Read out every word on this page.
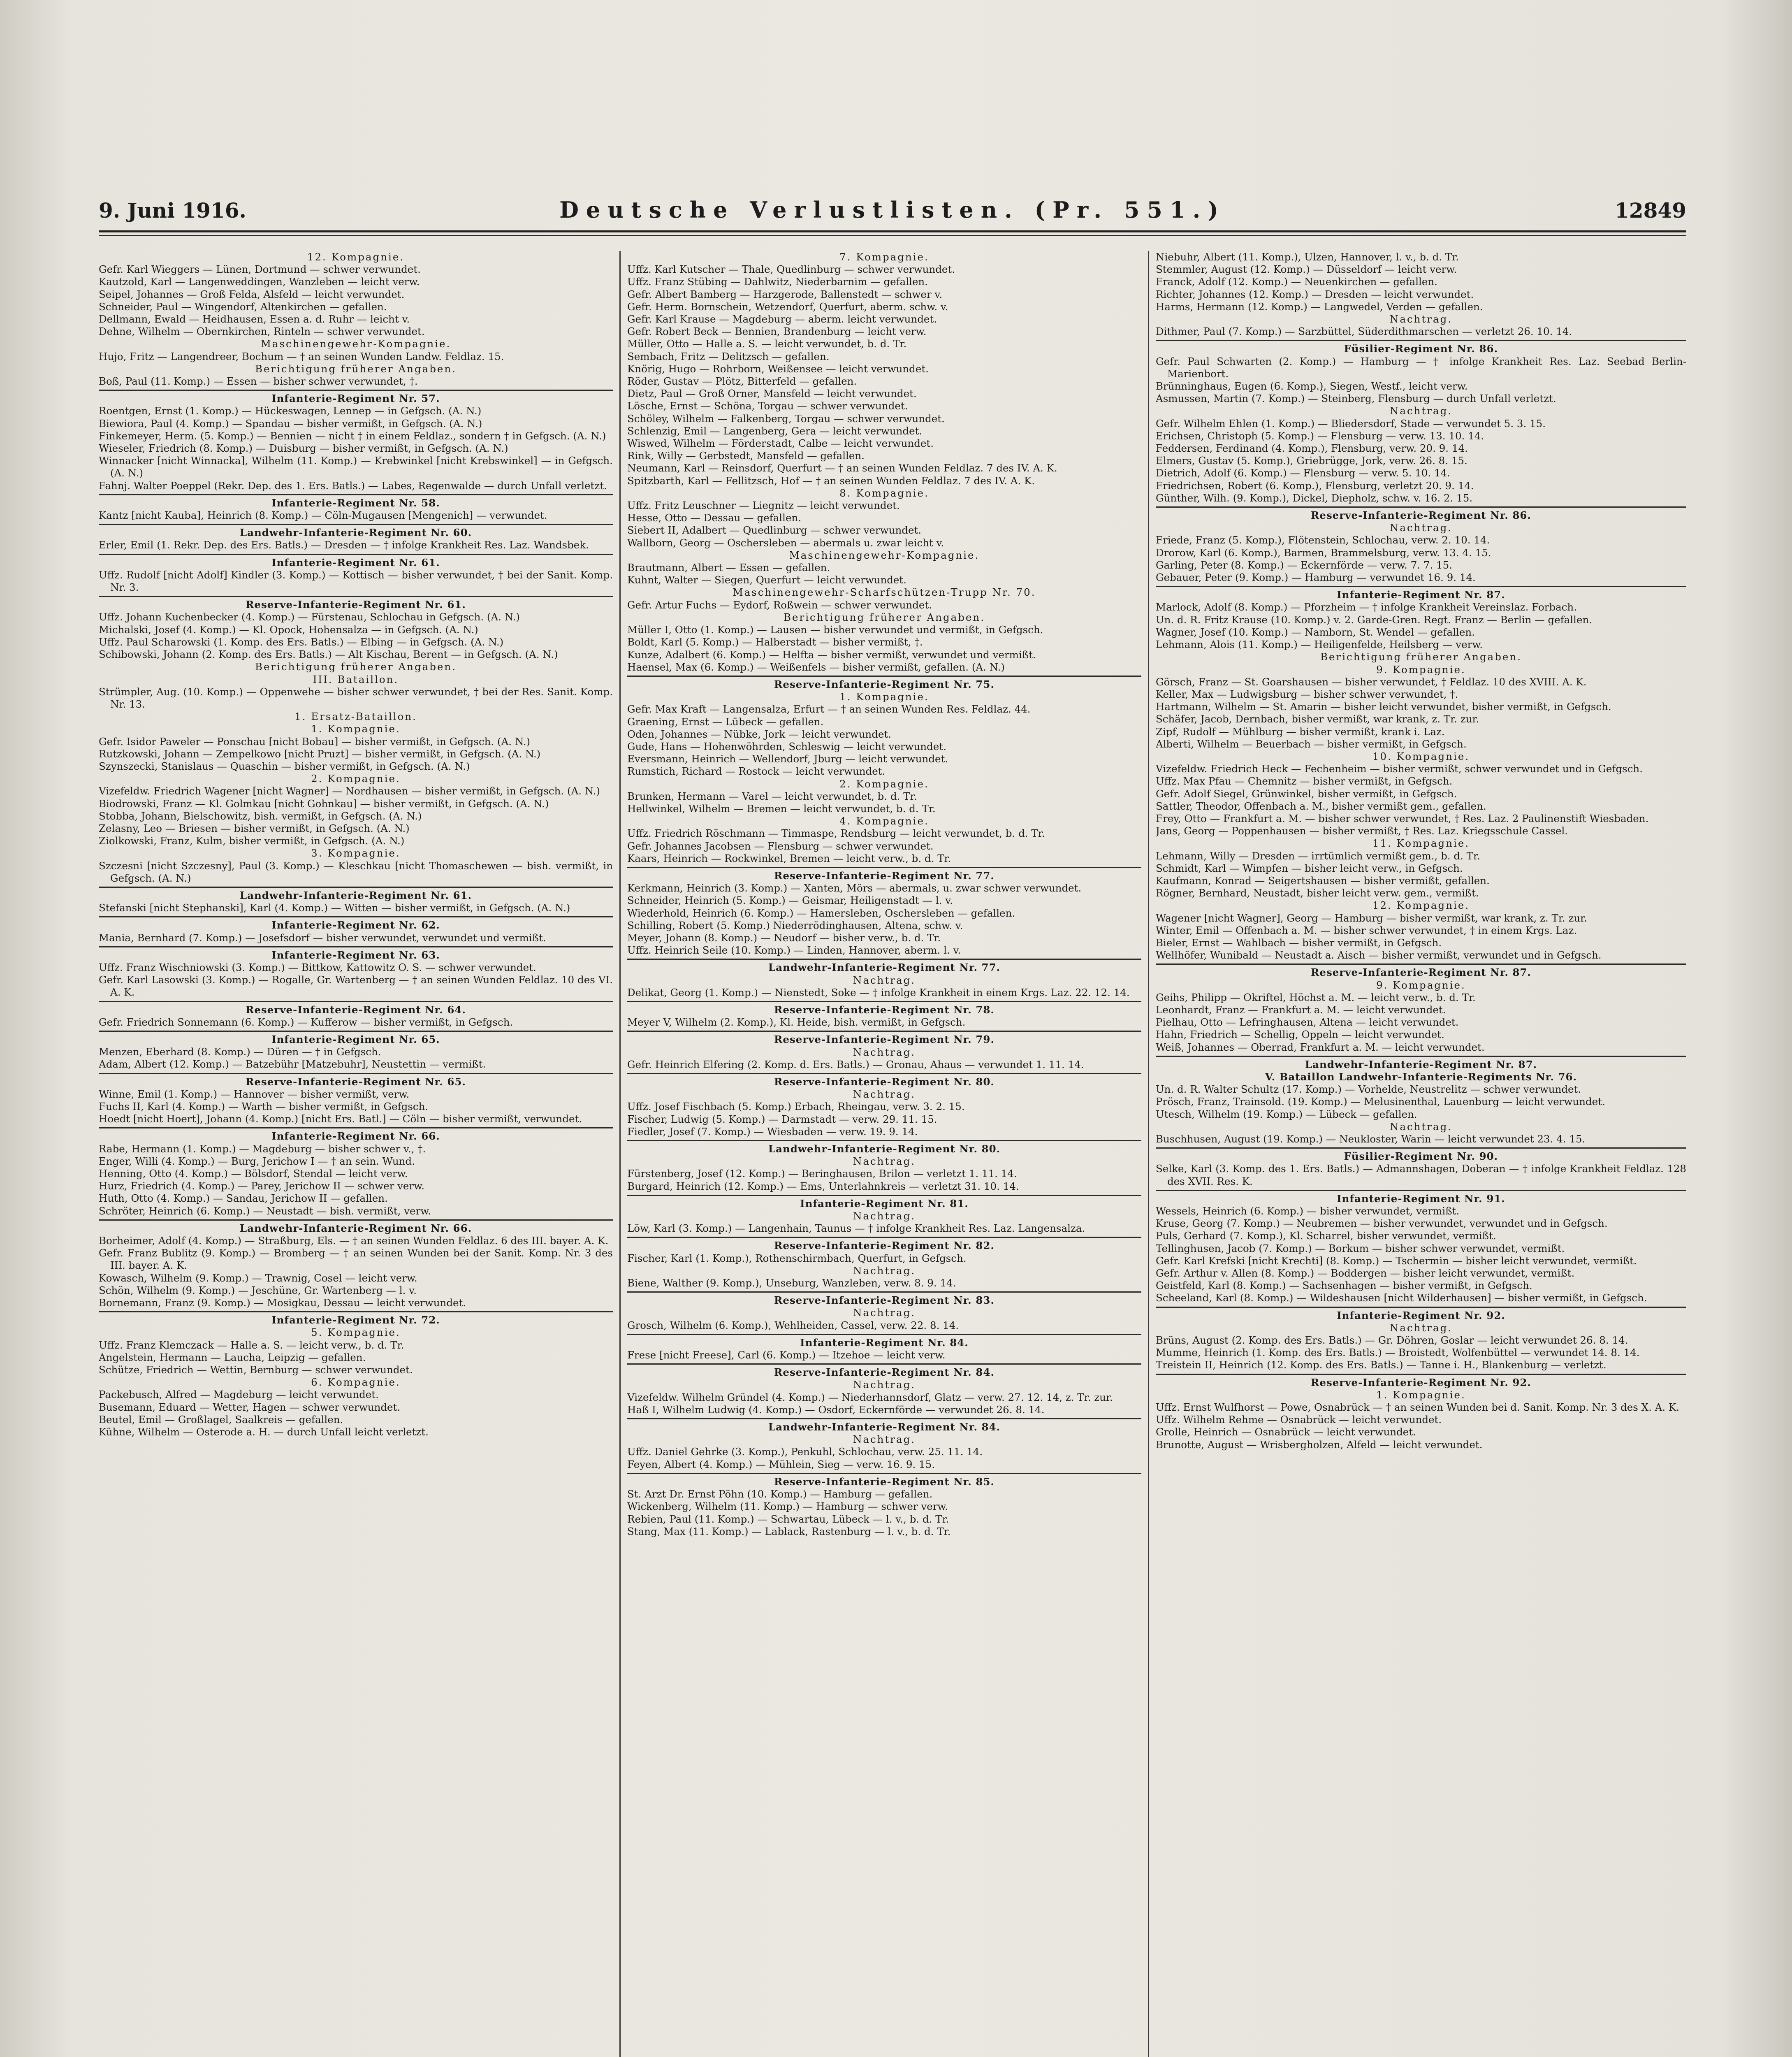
9. Juni 1916.	Deutsche Verlustlisten. (Pr. 551.)	12849
12. Kompagnie.
Gefr. Karl Wieggers — Lünen, Dortmund — schwer verwundet.
Kautzold, Karl — Langenweddingen, Wanzleben — leicht verw.
Seipel, Johannes — Groß Felda, Alsfeld — leicht verwundet.
Schneider, Paul — Wingendorf, Altenkirchen — gefallen.
Dellmann, Ewald — Heidhausen, Essen a. d. Ruhr — leicht v.
Dehne, Wilhelm — Obernkirchen, Rinteln — schwer verwundet.
Maschinengewehr-Kompagnie.
Hujo, Fritz — Langendreer, Bochum — † an seinen Wunden Landw. Feldlaz. 15.
Berichtigung früherer Angaben.
Boß, Paul (11. Komp.) — Essen — bisher schwer verwundet, †.
Infanterie-Regiment Nr. 57.
Roentgen, Ernst (1. Komp.) — Hückeswagen, Lennep — in Gefgsch. (A. N.)
Biewiora, Paul (4. Komp.) — Spandau — bisher vermißt, in Gefgsch. (A. N.)
Finkemeyer, Herm. (5. Komp.) — Bennien — nicht † in einem Feldlaz., sondern † in Gefgsch. (A. N.)
Wieseler, Friedrich (8. Komp.) — Duisburg — bisher vermißt, in Gefgsch. (A. N.)
Winnacker [nicht Winnacka], Wilhelm (11. Komp.) — Krebwinkel [nicht Krebswinkel] — in Gefgsch. (A. N.)
Fahnj. Walter Poeppel (Rekr. Dep. des 1. Ers. Batls.) — Labes, Regenwalde — durch Unfall verletzt.
Infanterie-Regiment Nr. 58.
Kantz [nicht Kauba], Heinrich (8. Komp.) — Cöln-Mugausen [Mengenich] — verwundet.
Landwehr-Infanterie-Regiment Nr. 60.
Erler, Emil (1. Rekr. Dep. des Ers. Batls.) — Dresden — † infolge Krankheit Res. Laz. Wandsbek.
Infanterie-Regiment Nr. 61.
Uffz. Rudolf [nicht Adolf] Kindler (3. Komp.) — Kottisch — bisher verwundet, † bei der Sanit. Komp. Nr. 3.
Reserve-Infanterie-Regiment Nr. 61.
Uffz. Johann Kuchenbecker (4. Komp.) — Fürstenau, Schlochau in Gefgsch. (A. N.)
Michalski, Josef (4. Komp.) — Kl. Opock, Hohensalza — in Gefgsch. (A. N.)
Uffz. Paul Scharowski (1. Komp. des Ers. Batls.) — Elbing — in Gefgsch. (A. N.)
Schibowski, Johann (2. Komp. des Ers. Batls.) — Alt Kischau, Berent — in Gefgsch. (A. N.)
Berichtigung früherer Angaben.
III. Bataillon.
Strümpler, Aug. (10. Komp.) — Oppenwehe — bisher schwer verwundet, † bei der Res. Sanit. Komp. Nr. 13.
1. Ersatz-Bataillon.
1. Kompagnie.
Gefr. Isidor Paweler — Ponschau [nicht Bobau] — bisher vermißt, in Gefgsch. (A. N.)
Rutzkowski, Johann — Zempelkowo [nicht Pruzt] — bisher vermißt, in Gefgsch. (A. N.)
Szynszecki, Stanislaus — Quaschin — bisher vermißt, in Gefgsch. (A. N.)
2. Kompagnie.
Vizefeldw. Friedrich Wagener [nicht Wagner] — Nordhausen — bisher vermißt, in Gefgsch. (A. N.)
Biodrowski, Franz — Kl. Golmkau [nicht Gohnkau] — bisher vermißt, in Gefgsch. (A. N.)
Stobba, Johann, Bielschowitz, bish. vermißt, in Gefgsch. (A. N.)
Zelasny, Leo — Briesen — bisher vermißt, in Gefgsch. (A. N.)
Ziolkowski, Franz, Kulm, bisher vermißt, in Gefgsch. (A. N.)
3. Kompagnie.
Szczesni [nicht Szczesny], Paul (3. Komp.) — Kleschkau [nicht Thomaschewen — bish. vermißt, in Gefgsch. (A. N.)
Landwehr-Infanterie-Regiment Nr. 61.
Stefanski [nicht Stephanski], Karl (4. Komp.) — Witten — bisher vermißt, in Gefgsch. (A. N.)
Infanterie-Regiment Nr. 62.
Mania, Bernhard (7. Komp.) — Josefsdorf — bisher verwundet, verwundet und vermißt.
Infanterie-Regiment Nr. 63.
Uffz. Franz Wischniowski (3. Komp.) — Bittkow, Kattowitz O. S. — schwer verwundet.
Gefr. Karl Lasowski (3. Komp.) — Rogalle, Gr. Wartenberg — † an seinen Wunden Feldlaz. 10 des VI. A. K.
Reserve-Infanterie-Regiment Nr. 64.
Gefr. Friedrich Sonnemann (6. Komp.) — Kufferow — bisher vermißt, in Gefgsch.
Infanterie-Regiment Nr. 65.
Menzen, Eberhard (8. Komp.) — Düren — † in Gefgsch.
Adam, Albert (12. Komp.) — Batzebühr [Matzebuhr], Neustettin — vermißt.
Reserve-Infanterie-Regiment Nr. 65.
Winne, Emil (1. Komp.) — Hannover — bisher vermißt, verw.
Fuchs II, Karl (4. Komp.) — Warth — bisher vermißt, in Gefgsch.
Hoedt [nicht Hoert], Johann (4. Komp.) [nicht Ers. Batl.] — Cöln — bisher vermißt, verwundet.
Infanterie-Regiment Nr. 66.
Rabe, Hermann (1. Komp.) — Magdeburg — bisher schwer v., †.
Enger, Willi (4. Komp.) — Burg, Jerichow I — † an sein. Wund.
Henning, Otto (4. Komp.) — Bölsdorf, Stendal — leicht verw.
Hurz, Friedrich (4. Komp.) — Parey, Jerichow II — schwer verw.
Huth, Otto (4. Komp.) — Sandau, Jerichow II — gefallen.
Schröter, Heinrich (6. Komp.) — Neustadt — bish. vermißt, verw.
Landwehr-Infanterie-Regiment Nr. 66.
Borheimer, Adolf (4. Komp.) — Straßburg, Els. — † an seinen Wunden Feldlaz. 6 des III. bayer. A. K.
Gefr. Franz Bublitz (9. Komp.) — Bromberg — † an seinen Wunden bei der Sanit. Komp. Nr. 3 des III. bayer. A. K.
Kowasch, Wilhelm (9. Komp.) — Trawnig, Cosel — leicht verw.
Schön, Wilhelm (9. Komp.) — Jeschüne, Gr. Wartenberg — l. v.
Bornemann, Franz (9. Komp.) — Mosigkau, Dessau — leicht verwundet.
Infanterie-Regiment Nr. 72.
5. Kompagnie.
Uffz. Franz Klemczack — Halle a. S. — leicht verw., b. d. Tr.
Angelstein, Hermann — Laucha, Leipzig — gefallen.
Schütze, Friedrich — Wettin, Bernburg — schwer verwundet.
6. Kompagnie.
Packebusch, Alfred — Magdeburg — leicht verwundet.
Busemann, Eduard — Wetter, Hagen — schwer verwundet.
Beutel, Emil — Großlagel, Saalkreis — gefallen.
Kühne, Wilhelm — Osterode a. H. — durch Unfall leicht verletzt.
7. Kompagnie.
Uffz. Karl Kutscher — Thale, Quedlinburg — schwer verwundet.
Uffz. Franz Stübing — Dahlwitz, Niederbarnim — gefallen.
Gefr. Albert Bamberg — Harzgerode, Ballenstedt — schwer v.
Gefr. Herm. Bornschein, Wetzendorf, Querfurt, aberm. schw. v.
Gefr. Karl Krause — Magdeburg — aberm. leicht verwundet.
Gefr. Robert Beck — Bennien, Brandenburg — leicht verw.
Müller, Otto — Halle a. S. — leicht verwundet, b. d. Tr.
Sembach, Fritz — Delitzsch — gefallen.
Knörig, Hugo — Rohrborn, Weißensee — leicht verwundet.
Röder, Gustav — Plötz, Bitterfeld — gefallen.
Dietz, Paul — Groß Orner, Mansfeld — leicht verwundet.
Lösche, Ernst — Schöna, Torgau — schwer verwundet.
Schöley, Wilhelm — Falkenberg, Torgau — schwer verwundet.
Schlenzig, Emil — Langenberg, Gera — leicht verwundet.
Wiswed, Wilhelm — Förderstadt, Calbe — leicht verwundet.
Rink, Willy — Gerbstedt, Mansfeld — gefallen.
Neumann, Karl — Reinsdorf, Querfurt — † an seinen Wunden Feldlaz. 7 des IV. A. K.
Spitzbarth, Karl — Fellitzsch, Hof — † an seinen Wunden Feldlaz. 7 des IV. A. K.
8. Kompagnie.
Uffz. Fritz Leuschner — Liegnitz — leicht verwundet.
Hesse, Otto — Dessau — gefallen.
Siebert II, Adalbert — Quedlinburg — schwer verwundet.
Wallborn, Georg — Oschersleben — abermals u. zwar leicht v.
Maschinengewehr-Kompagnie.
Brautmann, Albert — Essen — gefallen.
Kuhnt, Walter — Siegen, Querfurt — leicht verwundet.
Maschinengewehr-Scharfschützen-Trupp Nr. 70.
Gefr. Artur Fuchs — Eydorf, Roßwein — schwer verwundet.
Berichtigung früherer Angaben.
Müller I, Otto (1. Komp.) — Lausen — bisher verwundet und vermißt, in Gefgsch.
Boldt, Karl (5. Komp.) — Halberstadt — bisher vermißt, †.
Kunze, Adalbert (6. Komp.) — Helfta — bisher vermißt, verwundet und vermißt.
Haensel, Max (6. Komp.) — Weißenfels — bisher vermißt, gefallen. (A. N.)
Reserve-Infanterie-Regiment Nr. 75.
1. Kompagnie.
Gefr. Max Kraft — Langensalza, Erfurt — † an seinen Wunden Res. Feldlaz. 44.
Graening, Ernst — Lübeck — gefallen.
Oden, Johannes — Nübke, Jork — leicht verwundet.
Gude, Hans — Hohenwöhrden, Schleswig — leicht verwundet.
Eversmann, Heinrich — Wellendorf, Jburg — leicht verwundet.
Rumstich, Richard — Rostock — leicht verwundet.
2. Kompagnie.
Brunken, Hermann — Varel — leicht verwundet, b. d. Tr.
Hellwinkel, Wilhelm — Bremen — leicht verwundet, b. d. Tr.
4. Kompagnie.
Uffz. Friedrich Röschmann — Timmaspe, Rendsburg — leicht verwundet, b. d. Tr.
Gefr. Johannes Jacobsen — Flensburg — schwer verwundet.
Kaars, Heinrich — Rockwinkel, Bremen — leicht verw., b. d. Tr.
Reserve-Infanterie-Regiment Nr. 77.
Kerkmann, Heinrich (3. Komp.) — Xanten, Mörs — abermals, u. zwar schwer verwundet.
Schneider, Heinrich (5. Komp.) — Geismar, Heiligenstadt — l. v.
Wiederhold, Heinrich (6. Komp.) — Hamersleben, Oschersleben — gefallen.
Schilling, Robert (5. Komp.) Niederrödinghausen, Altena, schw. v.
Meyer, Johann (8. Komp.) — Neudorf — bisher verw., b. d. Tr.
Uffz. Heinrich Seile (10. Komp.) — Linden, Hannover, aberm. l. v.
Landwehr-Infanterie-Regiment Nr. 77.
Nachtrag.
Delikat, Georg (1. Komp.) — Nienstedt, Soke — † infolge Krankheit in einem Krgs. Laz. 22. 12. 14.
Reserve-Infanterie-Regiment Nr. 78.
Meyer V, Wilhelm (2. Komp.), Kl. Heide, bish. vermißt, in Gefgsch.
Reserve-Infanterie-Regiment Nr. 79.
Nachtrag.
Gefr. Heinrich Elfering (2. Komp. d. Ers. Batls.) — Gronau, Ahaus — verwundet 1. 11. 14.
Reserve-Infanterie-Regiment Nr. 80.
Nachtrag.
Uffz. Josef Fischbach (5. Komp.) Erbach, Rheingau, verw. 3. 2. 15.
Fischer, Ludwig (5. Komp.) — Darmstadt — verw. 29. 11. 15.
Fiedler, Josef (7. Komp.) — Wiesbaden — verw. 19. 9. 14.
Landwehr-Infanterie-Regiment Nr. 80.
Nachtrag.
Fürstenberg, Josef (12. Komp.) — Beringhausen, Brilon — verletzt 1. 11. 14.
Burgard, Heinrich (12. Komp.) — Ems, Unterlahnkreis — verletzt 31. 10. 14.
Infanterie-Regiment Nr. 81.
Nachtrag.
Löw, Karl (3. Komp.) — Langenhain, Taunus — † infolge Krankheit Res. Laz. Langensalza.
Reserve-Infanterie-Regiment Nr. 82.
Fischer, Karl (1. Komp.), Rothenschirmbach, Querfurt, in Gefgsch.
Nachtrag.
Biene, Walther (9. Komp.), Unseburg, Wanzleben, verw. 8. 9. 14.
Reserve-Infanterie-Regiment Nr. 83.
Nachtrag.
Grosch, Wilhelm (6. Komp.), Wehlheiden, Cassel, verw. 22. 8. 14.
Infanterie-Regiment Nr. 84.
Frese [nicht Freese], Carl (6. Komp.) — Itzehoe — leicht verw.
Reserve-Infanterie-Regiment Nr. 84.
Nachtrag.
Vizefeldw. Wilhelm Gründel (4. Komp.) — Niederhannsdorf, Glatz — verw. 27. 12. 14, z. Tr. zur.
Haß I, Wilhelm Ludwig (4. Komp.) — Osdorf, Eckernförde — verwundet 26. 8. 14.
Landwehr-Infanterie-Regiment Nr. 84.
Nachtrag.
Uffz. Daniel Gehrke (3. Komp.), Penkuhl, Schlochau, verw. 25. 11. 14.
Feyen, Albert (4. Komp.) — Mühlein, Sieg — verw. 16. 9. 15.
Reserve-Infanterie-Regiment Nr. 85.
St. Arzt Dr. Ernst Pöhn (10. Komp.) — Hamburg — gefallen.
Wickenberg, Wilhelm (11. Komp.) — Hamburg — schwer verw.
Rebien, Paul (11. Komp.) — Schwartau, Lübeck — l. v., b. d. Tr.
Stang, Max (11. Komp.) — Lablack, Rastenburg — l. v., b. d. Tr.
Niebuhr, Albert (11. Komp.), Ulzen, Hannover, l. v., b. d. Tr.
Stemmler, August (12. Komp.) — Düsseldorf — leicht verw.
Franck, Adolf (12. Komp.) — Neuenkirchen — gefallen.
Richter, Johannes (12. Komp.) — Dresden — leicht verwundet.
Harms, Hermann (12. Komp.) — Langwedel, Verden — gefallen.
Nachtrag.
Dithmer, Paul (7. Komp.) — Sarzbüttel, Süderdithmarschen — verletzt 26. 10. 14.
Füsilier-Regiment Nr. 86.
Gefr. Paul Schwarten (2. Komp.) — Hamburg — † infolge Krankheit Res. Laz. Seebad Berlin-Marienbort.
Brünninghaus, Eugen (6. Komp.), Siegen, Westf., leicht verw.
Asmussen, Martin (7. Komp.) — Steinberg, Flensburg — durch Unfall verletzt.
Nachtrag.
Gefr. Wilhelm Ehlen (1. Komp.) — Bliedersdorf, Stade — verwundet 5. 3. 15.
Erichsen, Christoph (5. Komp.) — Flensburg — verw. 13. 10. 14.
Feddersen, Ferdinand (4. Komp.), Flensburg, verw. 20. 9. 14.
Elmers, Gustav (5. Komp.), Griebrügge, Jork, verw. 26. 8. 15.
Dietrich, Adolf (6. Komp.) — Flensburg — verw. 5. 10. 14.
Friedrichsen, Robert (6. Komp.), Flensburg, verletzt 20. 9. 14.
Günther, Wilh. (9. Komp.), Dickel, Diepholz, schw. v. 16. 2. 15.
Reserve-Infanterie-Regiment Nr. 86.
Nachtrag.
Friede, Franz (5. Komp.), Flötenstein, Schlochau, verw. 2. 10. 14.
Drorow, Karl (6. Komp.), Barmen, Brammelsburg, verw. 13. 4. 15.
Garling, Peter (8. Komp.) — Eckernförde — verw. 7. 7. 15.
Gebauer, Peter (9. Komp.) — Hamburg — verwundet 16. 9. 14.
Infanterie-Regiment Nr. 87.
Marlock, Adolf (8. Komp.) — Pforzheim — † infolge Krankheit Vereinslaz. Forbach.
Un. d. R. Fritz Krause (10. Komp.) v. 2. Garde-Gren. Regt. Franz — Berlin — gefallen.
Wagner, Josef (10. Komp.) — Namborn, St. Wendel — gefallen.
Lehmann, Alois (11. Komp.) — Heiligenfelde, Heilsberg — verw.
Berichtigung früherer Angaben.
9. Kompagnie.
Görsch, Franz — St. Goarshausen — bisher verwundet, † Feldlaz. 10 des XVIII. A. K.
Keller, Max — Ludwigsburg — bisher schwer verwundet, †.
Hartmann, Wilhelm — St. Amarin — bisher leicht verwundet, bisher vermißt, in Gefgsch.
Schäfer, Jacob, Dernbach, bisher vermißt, war krank, z. Tr. zur.
Zipf, Rudolf — Mühlburg — bisher vermißt, krank i. Laz.
Alberti, Wilhelm — Beuerbach — bisher vermißt, in Gefgsch.
10. Kompagnie.
Vizefeldw. Friedrich Heck — Fechenheim — bisher vermißt, schwer verwundet und in Gefgsch.
Uffz. Max Pfau — Chemnitz — bisher vermißt, in Gefgsch.
Gefr. Adolf Siegel, Grünwinkel, bisher vermißt, in Gefgsch.
Sattler, Theodor, Offenbach a. M., bisher vermißt gem., gefallen.
Frey, Otto — Frankfurt a. M. — bisher schwer verwundet, † Res. Laz. 2 Paulinenstift Wiesbaden.
Jans, Georg — Poppenhausen — bisher vermißt, † Res. Laz. Kriegsschule Cassel.
11. Kompagnie.
Lehmann, Willy — Dresden — irrtümlich vermißt gem., b. d. Tr.
Schmidt, Karl — Wimpfen — bisher leicht verw., in Gefgsch.
Kaufmann, Konrad — Seigertshausen — bisher vermißt, gefallen.
Rögner, Bernhard, Neustadt, bisher leicht verw. gem., vermißt.
12. Kompagnie.
Wagener [nicht Wagner], Georg — Hamburg — bisher vermißt, war krank, z. Tr. zur.
Winter, Emil — Offenbach a. M. — bisher schwer verwundet, † in einem Krgs. Laz.
Bieler, Ernst — Wahlbach — bisher vermißt, in Gefgsch.
Wellhöfer, Wunibald — Neustadt a. Aisch — bisher vermißt, verwundet und in Gefgsch.
Reserve-Infanterie-Regiment Nr. 87.
9. Kompagnie.
Geihs, Philipp — Okriftel, Höchst a. M. — leicht verw., b. d. Tr.
Leonhardt, Franz — Frankfurt a. M. — leicht verwundet.
Pielhau, Otto — Lefringhausen, Altena — leicht verwundet.
Hahn, Friedrich — Schellig, Oppeln — leicht verwundet.
Weiß, Johannes — Oberrad, Frankfurt a. M. — leicht verwundet.
Landwehr-Infanterie-Regiment Nr. 87.
V. Bataillon Landwehr-Infanterie-Regiments Nr. 76.
Un. d. R. Walter Schultz (17. Komp.) — Vorhelde, Neustrelitz — schwer verwundet.
Prösch, Franz, Trainsold. (19. Komp.) — Melusinenthal, Lauenburg — leicht verwundet.
Utesch, Wilhelm (19. Komp.) — Lübeck — gefallen.
Nachtrag.
Buschhusen, August (19. Komp.) — Neukloster, Warin — leicht verwundet 23. 4. 15.
Füsilier-Regiment Nr. 90.
Selke, Karl (3. Komp. des 1. Ers. Batls.) — Admannshagen, Doberan — † infolge Krankheit Feldlaz. 128 des XVII. Res. K.
Infanterie-Regiment Nr. 91.
Wessels, Heinrich (6. Komp.) — bisher verwundet, vermißt.
Kruse, Georg (7. Komp.) — Neubremen — bisher verwundet, verwundet und in Gefgsch.
Puls, Gerhard (7. Komp.), Kl. Scharrel, bisher verwundet, vermißt.
Tellinghusen, Jacob (7. Komp.) — Borkum — bisher schwer verwundet, vermißt.
Gefr. Karl Krefski [nicht Krechti] (8. Komp.) — Tschermin — bisher leicht verwundet, vermißt.
Gefr. Arthur v. Allen (8. Komp.) — Boddergen — bisher leicht verwundet, vermißt.
Geistfeld, Karl (8. Komp.) — Sachsenhagen — bisher vermißt, in Gefgsch.
Scheeland, Karl (8. Komp.) — Wildeshausen [nicht Wilderhausen] — bisher vermißt, in Gefgsch.
Infanterie-Regiment Nr. 92.
Nachtrag.
Brüns, August (2. Komp. des Ers. Batls.) — Gr. Döhren, Goslar — leicht verwundet 26. 8. 14.
Mumme, Heinrich (1. Komp. des Ers. Batls.) — Broistedt, Wolfenbüttel — verwundet 14. 8. 14.
Treistein II, Heinrich (12. Komp. des Ers. Batls.) — Tanne i. H., Blankenburg — verletzt.
Reserve-Infanterie-Regiment Nr. 92.
1. Kompagnie.
Uffz. Ernst Wulfhorst — Powe, Osnabrück — † an seinen Wunden bei d. Sanit. Komp. Nr. 3 des X. A. K.
Uffz. Wilhelm Rehme — Osnabrück — leicht verwundet.
Grolle, Heinrich — Osnabrück — leicht verwundet.
Brunotte, August — Wrisbergholzen, Alfeld — leicht verwundet.
